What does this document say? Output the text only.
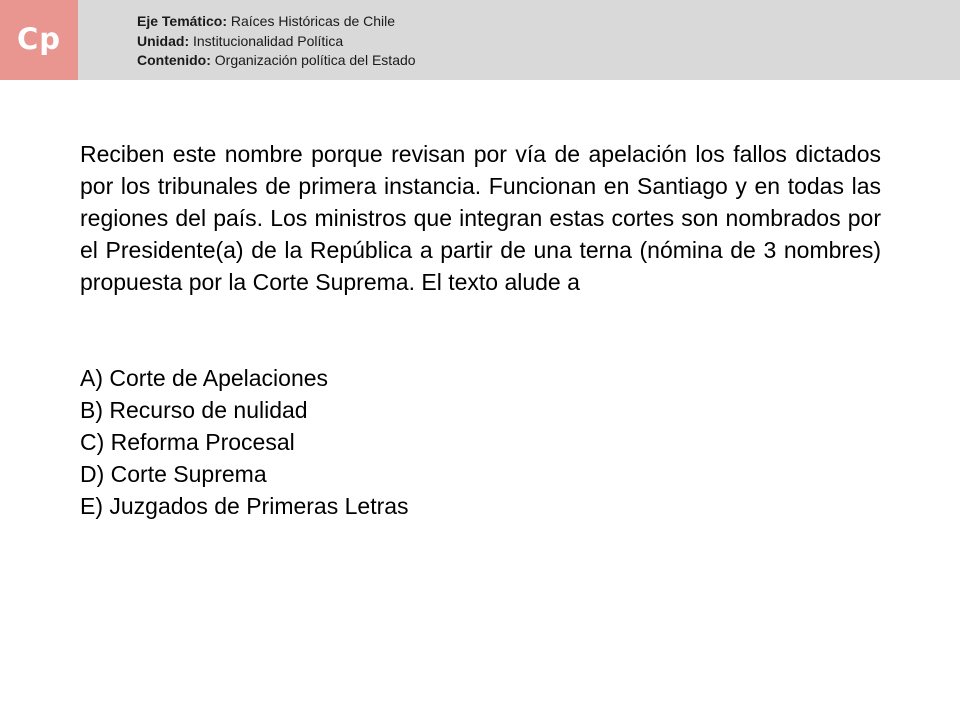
Cp
Eje Temático: Raíces Históricas de Chile
Unidad: Institucionalidad Política
Contenido: Organización política del Estado

Reciben este nombre porque revisan por vía de apelación los fallos dictados por los tribunales de primera instancia. Funcionan en Santiago y en todas las regiones del país. Los ministros que integran estas cortes son nombrados por el Presidente(a) de la República a partir de una terna (nómina de 3 nombres) propuesta por la Corte Suprema. El texto alude a

A) Corte de Apelaciones
B) Recurso de nulidad
C) Reforma Procesal
D) Corte Suprema
E) Juzgados de Primeras Letras
